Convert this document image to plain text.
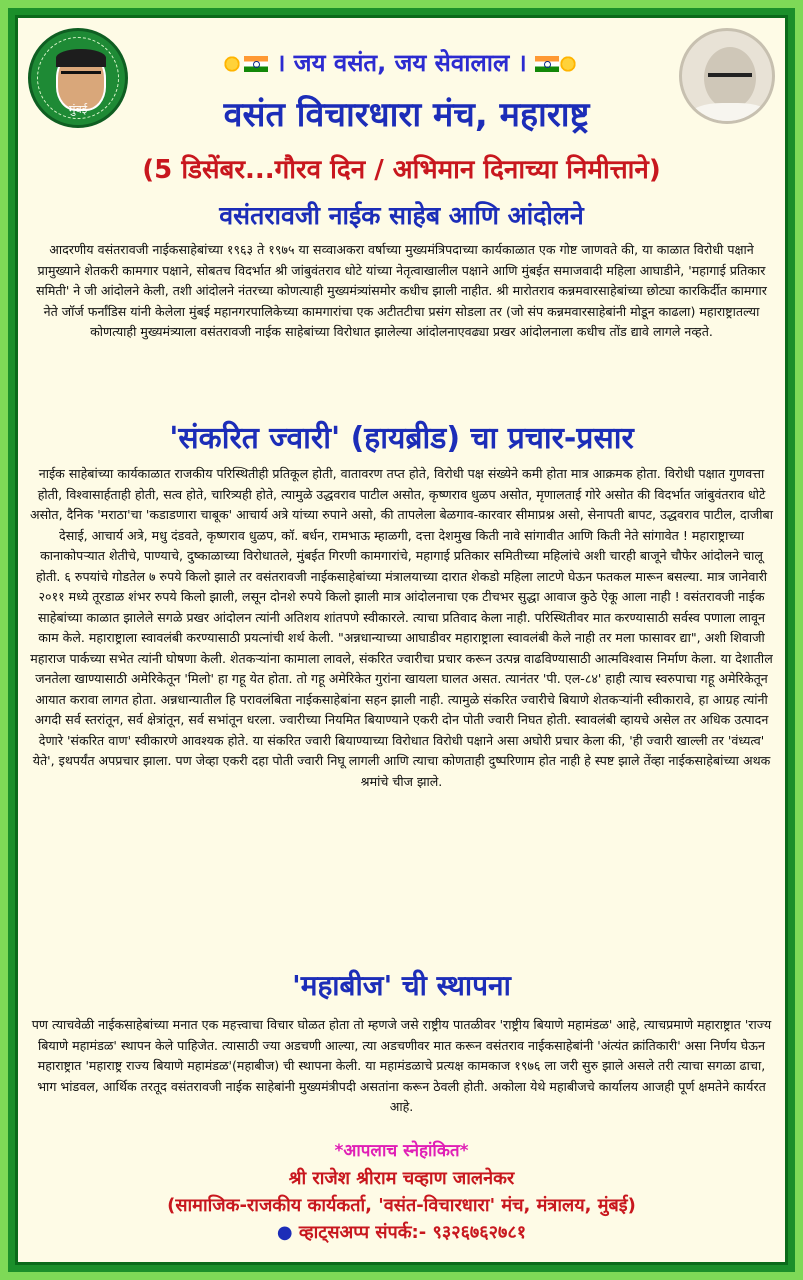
मुंबई
। जय वसंत, जय सेवालाल ।
वसंत विचारधारा मंच, महाराष्ट्र
(5 डिसेंबर...गौरव दिन / अभिमान दिनाच्या निमीत्ताने)
वसंतरावजी नाईक साहेब आणि आंदोलने
आदरणीय वसंतरावजी नाईकसाहेबांच्या १९६३ ते १९७५ या सव्वाअकरा वर्षाच्या मुख्यमंत्रिपदाच्या कार्यकाळात एक गोष्ट जाणवते की, या काळात विरोधी पक्षाने प्रामुख्याने शेतकरी कामगार पक्षाने, सोबतच विदर्भात श्री जांबुवंतराव धोटे यांच्या नेतृत्वाखालील पक्षाने आणि मुंबईत समाजवादी महिला आघाडीने, 'महागाई प्रतिकार समिती' ने जी आंदोलने केली, तशी आंदोलने नंतरच्या कोणत्याही मुख्यमंत्र्यांसमोर कधीच झाली नाहीत. श्री मारोतराव कन्नमवारसाहेबांच्या छोट्या कारकिर्दीत कामगार नेते जॉर्ज फर्नांडिस यांनी केलेला मुंबई महानगरपालिकेच्या कामगारांचा एक अटीतटीचा प्रसंग सोडला तर (जो संप कन्नमवारसाहेबांनी मोडून काढला) महाराष्ट्रातल्या कोणत्याही मुख्यमंत्र्याला वसंतरावजी नाईक साहेबांच्या विरोधात झालेल्या आंदोलनाएवढ्या प्रखर आंदोलनाला कधीच तोंड द्यावे लागले नव्हते.
'संकरित ज्वारी' (हायब्रीड) चा प्रचार-प्रसार
नाईक साहेबांच्या कार्यकाळात राजकीय परिस्थितीही प्रतिकूल होती, वातावरण तप्त होते, विरोधी पक्ष संख्येने कमी होता मात्र आक्रमक होता. विरोधी पक्षात गुणवत्ता होती, विश्वासार्हताही होती, सत्व होते, चारित्र्यही होते, त्यामुळे उद्धवराव पाटील असोत, कृष्णराव धुळप असोत, मृणालताई गोरे असोत की विदर्भात जांबुवंतराव धोटे असोत, दैनिक 'मराठा'चा 'कडाडणारा चाबूक' आचार्य अत्रे यांच्या रुपाने असो, की तापलेला बेळगाव-कारवार सीमाप्रश्न असो, सेनापती बापट, उद्धवराव पाटील, दाजीबा देसाई, आचार्य अत्रे, मधु दंडवते, कृष्णराव धुळप, कॉ. बर्धन, रामभाऊ म्हाळगी, दत्ता देशमुख किती नावे सांगावीत आणि किती नेते सांगावेत ! महाराष्ट्राच्या कानाकोपऱ्यात शेतीचे, पाण्याचे, दुष्काळाच्या विरोधातले, मुंबईत गिरणी कामगारांचे, महागाई प्रतिकार समितीच्या महिलांचे अशी चारही बाजूने चौफेर आंदोलने चालू होती. ६ रुपयांचे गोडतेल ७ रुपये किलो झाले तर वसंतरावजी नाईकसाहेबांच्या मंत्रालयाच्या दारात शेकडो महिला लाटणे घेऊन फतकल मारून बसल्या. मात्र जानेवारी २०११ मध्ये तूरडाळ शंभर रुपये किलो झाली, लसून दोनशे रुपये किलो झाली मात्र आंदोलनाचा एक टीचभर सुद्धा आवाज कुठे ऐकू आला नाही ! वसंतरावजी नाईक साहेबांच्या काळात झालेले सगळे प्रखर आंदोलन त्यांनी अतिशय शांतपणे स्वीकारले. त्याचा प्रतिवाद केला नाही. परिस्थितीवर मात करण्यासाठी सर्वस्व पणाला लावून काम केले. महाराष्ट्राला स्वावलंबी करण्यासाठी प्रयत्नांची शर्थ केली. "अन्नधान्याच्या आघाडीवर महाराष्ट्राला स्वावलंबी केले नाही तर मला फासावर द्या", अशी शिवाजी महाराज पार्कच्या सभेत त्यांनी घोषणा केली. शेतकऱ्यांना कामाला लावले, संकरित ज्वारीचा प्रचार करून उत्पन्न वाढविण्यासाठी आत्मविश्वास निर्माण केला. या देशातील जनतेला खाण्यासाठी अमेरिकेतून 'मिलो' हा गहू येत होता. तो गहू अमेरिकेत गुरांना खायला घालत असत. त्यानंतर 'पी. एल-८४' हाही त्याच स्वरुपाचा गहू अमेरिकेतून आयात करावा लागत होता. अन्नधान्यातील हि परावलंबिता नाईकसाहेबांना सहन झाली नाही. त्यामुळे संकरित ज्वारीचे बियाणे शेतकऱ्यांनी स्वीकारावे, हा आग्रह त्यांनी अगदी सर्व स्तरांतून, सर्व क्षेत्रांतून, सर्व सभांतून धरला. ज्वारीच्या नियमित बियाण्याने एकरी दोन पोती ज्वारी निघत होती. स्वावलंबी व्हायचे असेल तर अधिक उत्पादन देणारे 'संकरित वाण' स्वीकारणे आवश्यक होते. या संकरित ज्वारी बियाण्याच्या विरोधात विरोधी पक्षाने असा अघोरी प्रचार केला की, 'ही ज्वारी खाल्ली तर 'वंध्यत्व' येते', इथपर्यंत अपप्रचार झाला. पण जेव्हा एकरी दहा पोती ज्वारी निघू लागली आणि त्याचा कोणताही दुष्परिणाम होत नाही हे स्पष्ट झाले तेंव्हा नाईकसाहेबांच्या अथक श्रमांचे चीज झाले.
'महाबीज' ची स्थापना
पण त्याचवेळी नाईकसाहेबांच्या मनात एक महत्त्वाचा विचार घोळत होता तो म्हणजे जसे राष्ट्रीय पातळीवर 'राष्ट्रीय बियाणे महामंडळ' आहे, त्याचप्रमाणे महाराष्ट्रात 'राज्य बियाणे महामंडळ' स्थापन केले पाहिजेत. त्यासाठी ज्या अडचणी आल्या, त्या अडचणीवर मात करून वसंतराव नाईकसाहेबांनी 'अंत्यंत क्रांतिकारी' असा निर्णय घेऊन महाराष्ट्रात 'महाराष्ट्र राज्य बियाणे महामंडळ'(महाबीज) ची स्थापना केली. या महामंडळाचे प्रत्यक्ष कामकाज १९७६ ला जरी सुरु झाले असले तरी त्याचा सगळा ढाचा, भाग भांडवल, आर्थिक तरतूद वसंतरावजी नाईक साहेबांनी मुख्यमंत्रीपदी असतांना करून ठेवली होती. अकोला येथे महाबीजचे कार्यालय आजही पूर्ण क्षमतेने कार्यरत आहे.
*आपलाच स्नेहांकित*
श्री राजेश श्रीराम चव्हाण जालनेकर
(सामाजिक-राजकीय कार्यकर्ता, 'वसंत-विचारधारा' मंच, मंत्रालय, मुंबई)
● व्हाट्सअप्प संपर्क:- ९३२६७६२७८१
